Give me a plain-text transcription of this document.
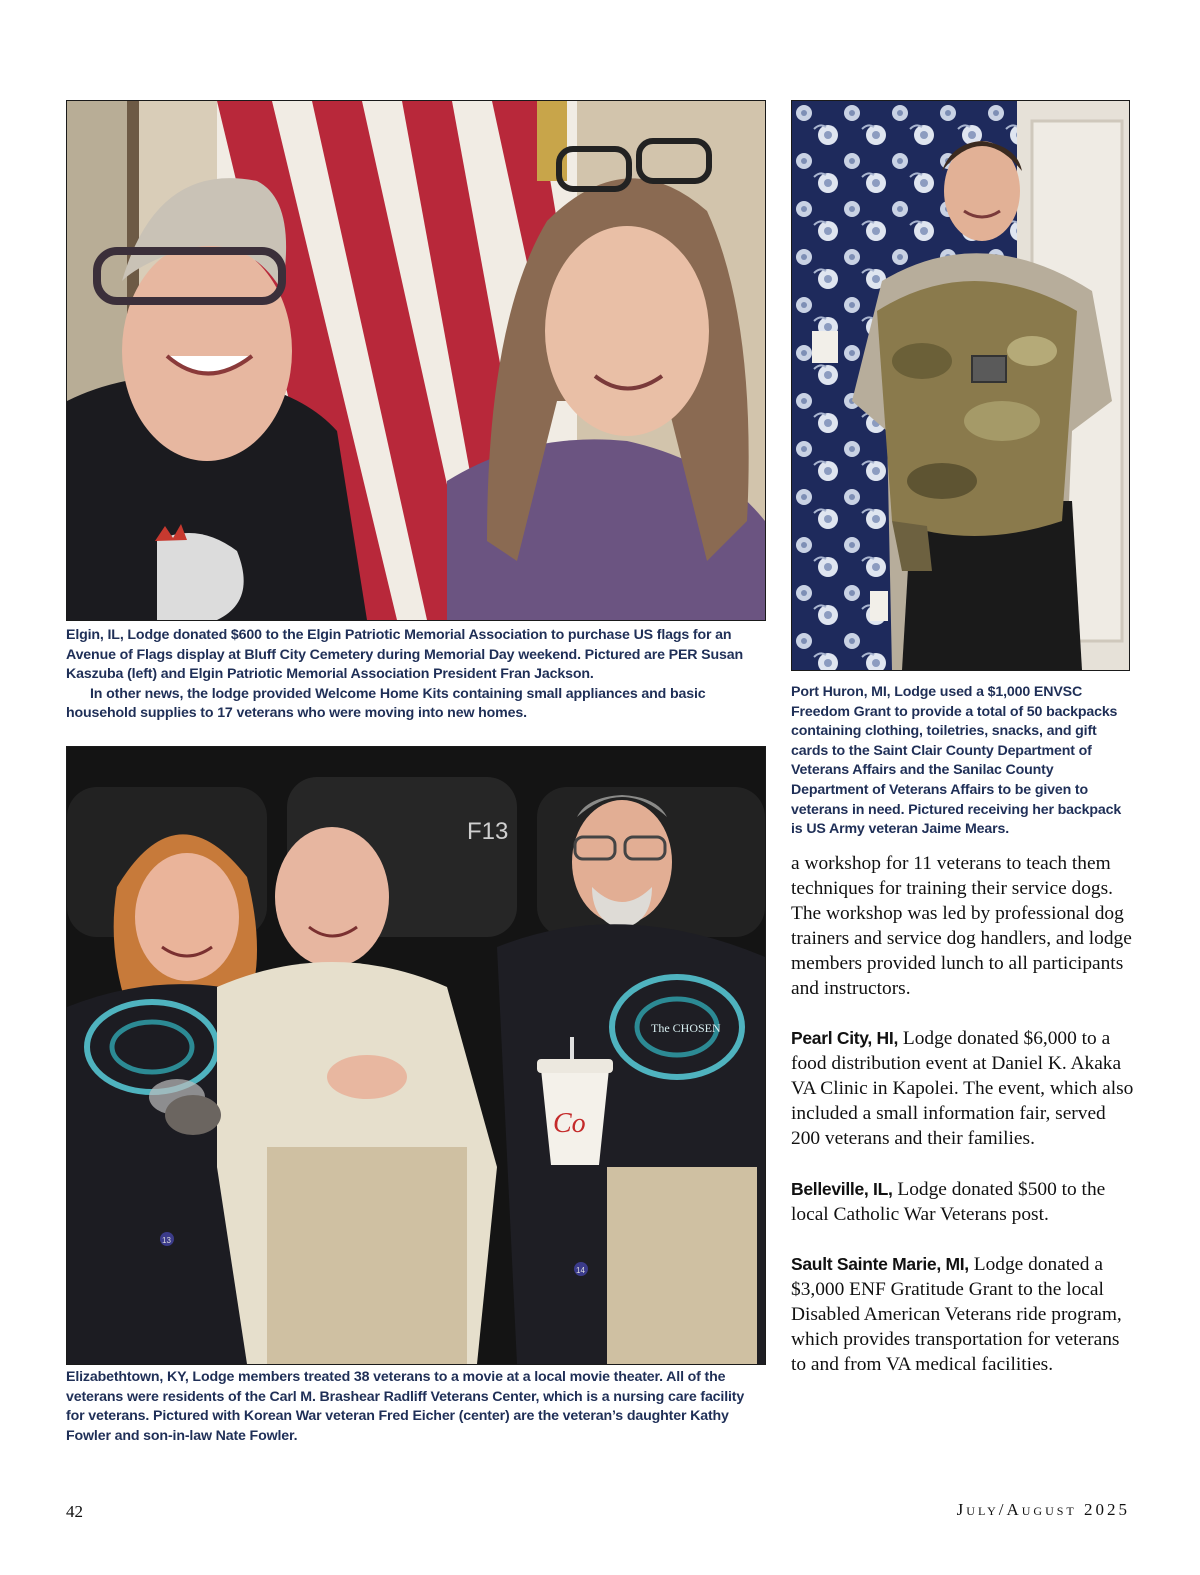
Elgin, IL, Lodge donated $600 to the Elgin Patriotic Memorial Association to purchase US flags for an Avenue of Flags display at Bluff City Cemetery during Memorial Day weekend. Pictured are PER Susan Kaszuba (left) and Elgin Patriotic Memorial Association President Fran Jackson.
In other news, the lodge provided Welcome Home Kits containing small appliances and basic household supplies to 17 veterans who were moving into new homes.

Port Huron, MI, Lodge used a $1,000 ENVSC Freedom Grant to provide a total of 50 backpacks containing clothing, toiletries, snacks, and gift cards to the Saint Clair County Department of Veterans Affairs and the Sanilac County Department of Veterans Affairs to be given to veterans in need. Pictured receiving her backpack is US Army veteran Jaime Mears.

F13
The CHOSEN
Co
13
14

Elizabethtown, KY, Lodge members treated 38 veterans to a movie at a local movie theater. All of the veterans were residents of the Carl M. Brashear Radliff Veterans Center, which is a nursing care facility for veterans. Pictured with Korean War veteran Fred Eicher (center) are the veteran’s daughter Kathy Fowler and son-in-law Nate Fowler.

a workshop for 11 veterans to teach them techniques for training their service dogs. The workshop was led by professional dog trainers and service dog handlers, and lodge members provided lunch to all participants and instructors.

Pearl City, HI, Lodge donated $6,000 to a food distribution event at Daniel K. Akaka VA Clinic in Kapolei. The event, which also included a small information fair, served 200 veterans and their families.

Belleville, IL, Lodge donated $500 to the local Catholic War Veterans post.

Sault Sainte Marie, MI, Lodge donated a $3,000 ENF Gratitude Grant to the local Disabled American Veterans ride program, which provides transportation for veterans to and from VA medical facilities.

42	July/August 2025
